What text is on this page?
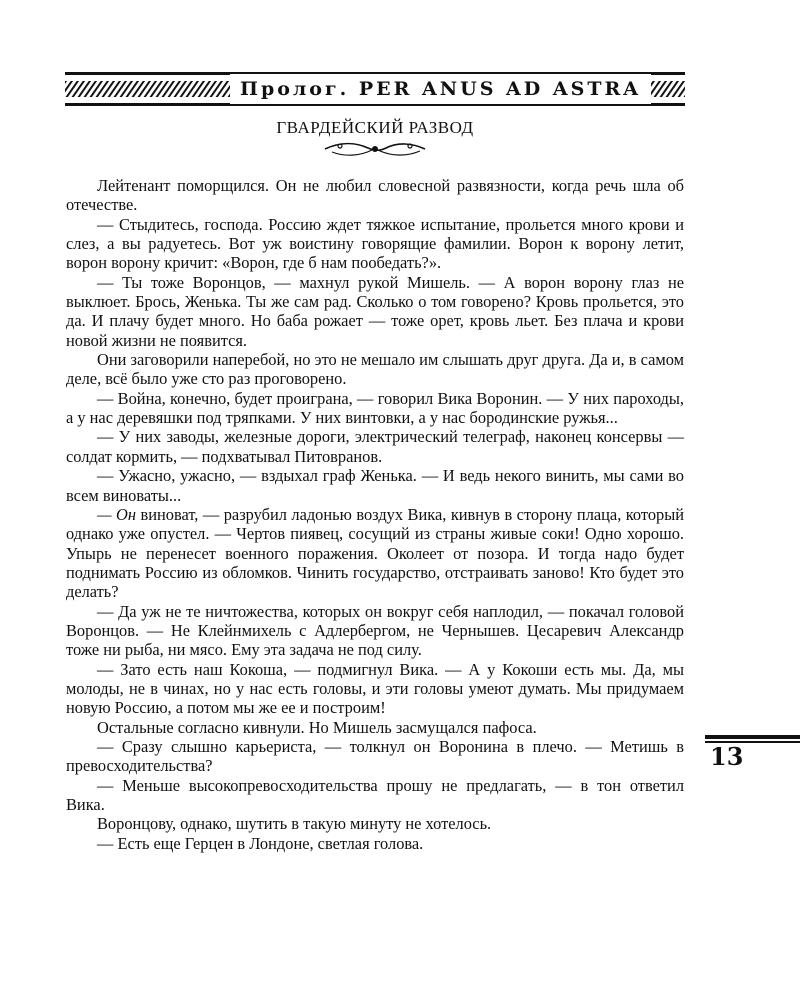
Пролог. PER ANUS AD ASTRA
ГВАРДЕЙСКИЙ РАЗВОД

Лейтенант поморщился. Он не любил словесной развязности, когда речь шла об отечестве.

— Стыдитесь, господа. Россию ждет тяжкое испытание, прольется много крови и слез, а вы радуетесь. Вот уж воистину говорящие фамилии. Ворон к ворону летит, ворон ворону кричит: «Ворон, где б нам пообедать?».

— Ты тоже Воронцов, — махнул рукой Мишель. — А ворон ворону глаз не выклюет. Брось, Женька. Ты же сам рад. Сколько о том говорено? Кровь прольется, это да. И плачу будет много. Но баба рожает — тоже орет, кровь льет. Без плача и крови новой жизни не появится.

Они заговорили наперебой, но это не мешало им слышать друг друга. Да и, в самом деле, всё было уже сто раз проговорено.

— Война, конечно, будет проиграна, — говорил Вика Воронин. — У них пароходы, а у нас деревяшки под тряпками. У них винтовки, а у нас бородинские ружья...

— У них заводы, железные дороги, электрический телеграф, наконец консервы — солдат кормить, — подхватывал Питовранов.

— Ужасно, ужасно, — вздыхал граф Женька. — И ведь некого винить, мы сами во всем виноваты...

— Он виноват, — разрубил ладонью воздух Вика, кивнув в сторону плаца, который однако уже опустел. — Чертов пиявец, сосущий из страны живые соки! Одно хорошо. Упырь не перенесет военного поражения. Околеет от позора. И тогда надо будет поднимать Россию из обломков. Чинить государство, отстраивать заново! Кто будет это делать?

— Да уж не те ничтожества, которых он вокруг себя наплодил, — покачал головой Воронцов. — Не Клейнмихель с Адлербергом, не Чернышев. Цесаревич Александр тоже ни рыба, ни мясо. Ему эта задача не под силу.

— Зато есть наш Кокоша, — подмигнул Вика. — А у Кокоши есть мы. Да, мы молоды, не в чинах, но у нас есть головы, и эти головы умеют думать. Мы придумаем новую Россию, а потом мы же ее и построим!

Остальные согласно кивнули. Но Мишель засмущался пафоса.

— Сразу слышно карьериста, — толкнул он Воронина в плечо. — Метишь в превосходительства?

— Меньше высокопревосходительства прошу не предлагать, — в тон ответил Вика.

Воронцову, однако, шутить в такую минуту не хотелось.

— Есть еще Герцен в Лондоне, светлая голова.

13
